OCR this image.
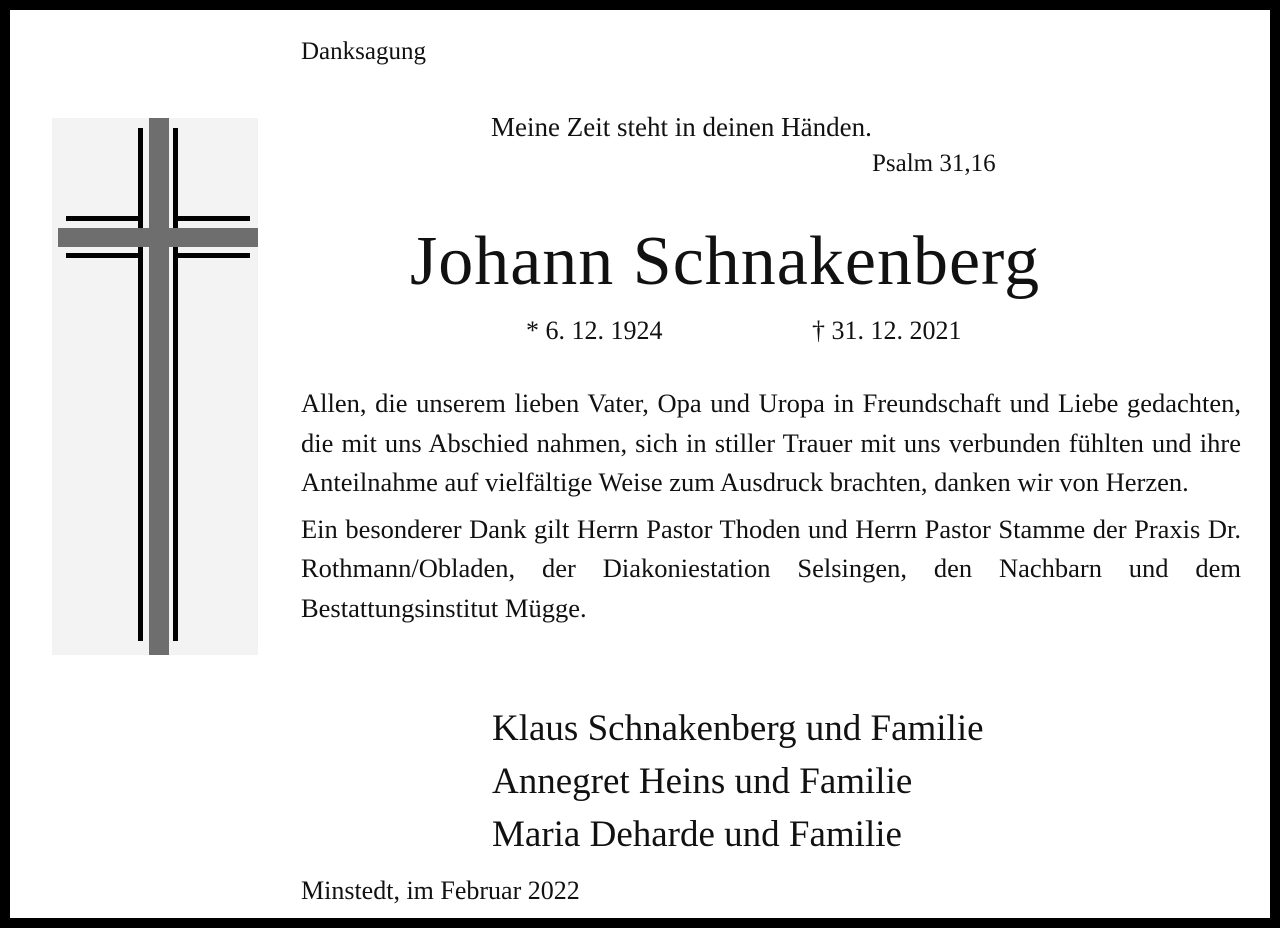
Danksagung
Meine Zeit steht in deinen Händen.
Psalm 31,16
Johann Schnakenberg
* 6. 12. 1924	† 31. 12. 2021

Allen, die unserem lieben Vater, Opa und Uropa in Freundschaft und Liebe gedachten, die mit uns Abschied nahmen, sich in stiller Trauer mit uns verbunden fühlten und ihre Anteilnahme auf vielfältige Weise zum Ausdruck brachten, danken wir von Herzen.

Ein besonderer Dank gilt Herrn Pastor Thoden und Herrn Pastor Stamme der Praxis Dr. Rothmann/Obladen, der Diakoniestation Selsingen, den Nachbarn und dem Bestattungsinstitut Mügge.

Klaus Schnakenberg und Familie
Annegret Heins und Familie
Maria Deharde und Familie
Minstedt, im Februar 2022
